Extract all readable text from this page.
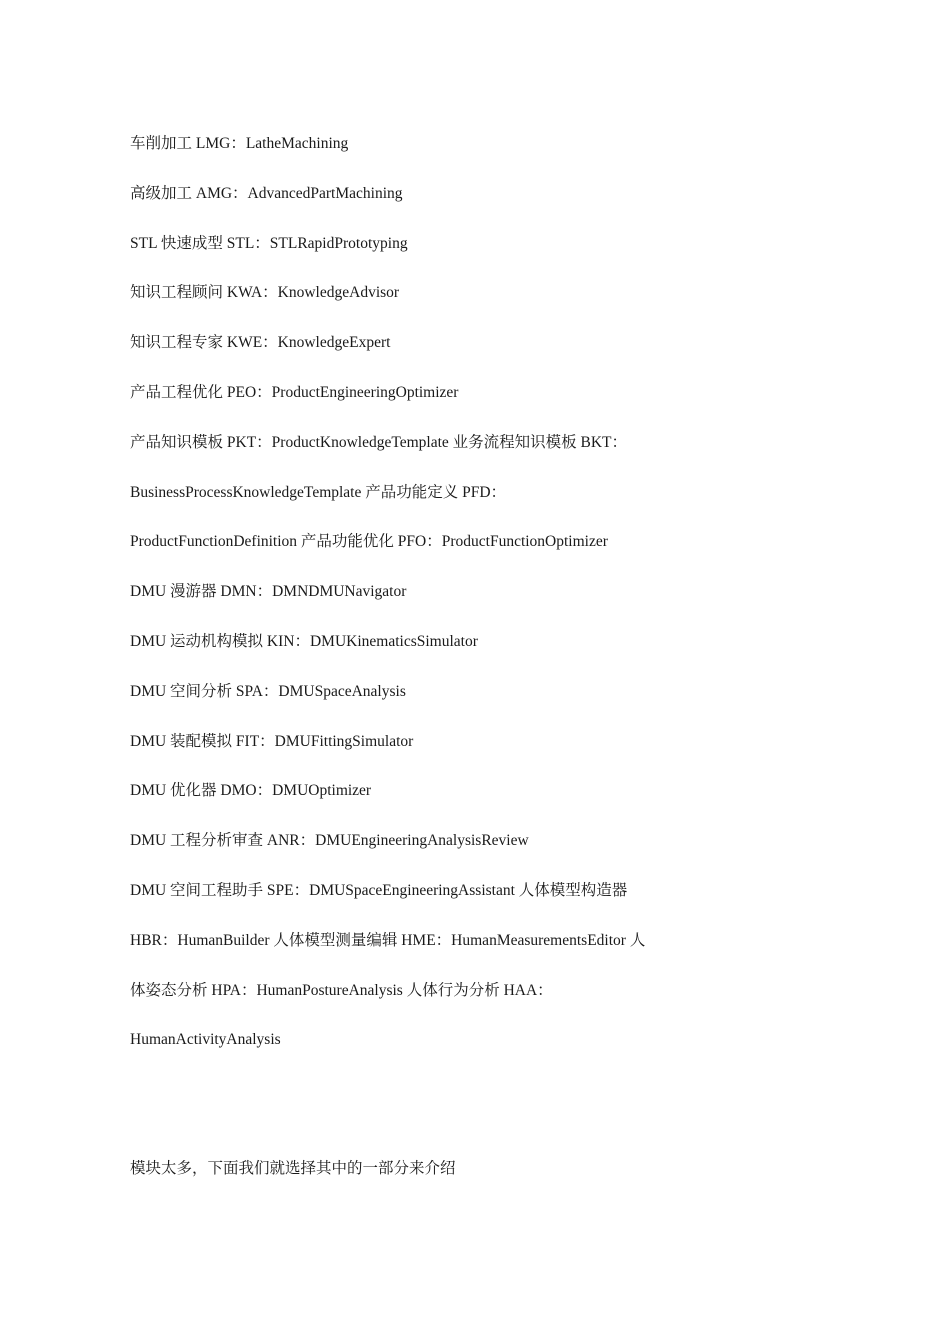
车削加工 LMG：LatheMachining
高级加工 AMG：AdvancedPartMachining
STL 快速成型 STL：STLRapidPrototyping
知识工程顾问 KWA：KnowledgeAdvisor
知识工程专家 KWE：KnowledgeExpert
产品工程优化 PEO：ProductEngineeringOptimizer
产品知识模板 PKT：ProductKnowledgeTemplate 业务流程知识模板 BKT：
BusinessProcessKnowledgeTemplate 产品功能定义 PFD：
ProductFunctionDefinition 产品功能优化 PFO：ProductFunctionOptimizer
DMU 漫游器 DMN：DMNDMUNavigator
DMU 运动机构模拟 KIN：DMUKinematicsSimulator
DMU 空间分析 SPA：DMUSpaceAnalysis
DMU 装配模拟 FIT：DMUFittingSimulator
DMU 优化器 DMO：DMUOptimizer
DMU 工程分析审查 ANR：DMUEngineeringAnalysisReview
DMU 空间工程助手 SPE：DMUSpaceEngineeringAssistant 人体模型构造器
HBR：HumanBuilder 人体模型测量编辑 HME：HumanMeasurementsEditor 人
体姿态分析 HPA：HumanPostureAnalysis 人体行为分析 HAA：
HumanActivityAnalysis
模块太多，下面我们就选择其中的一部分来介绍
